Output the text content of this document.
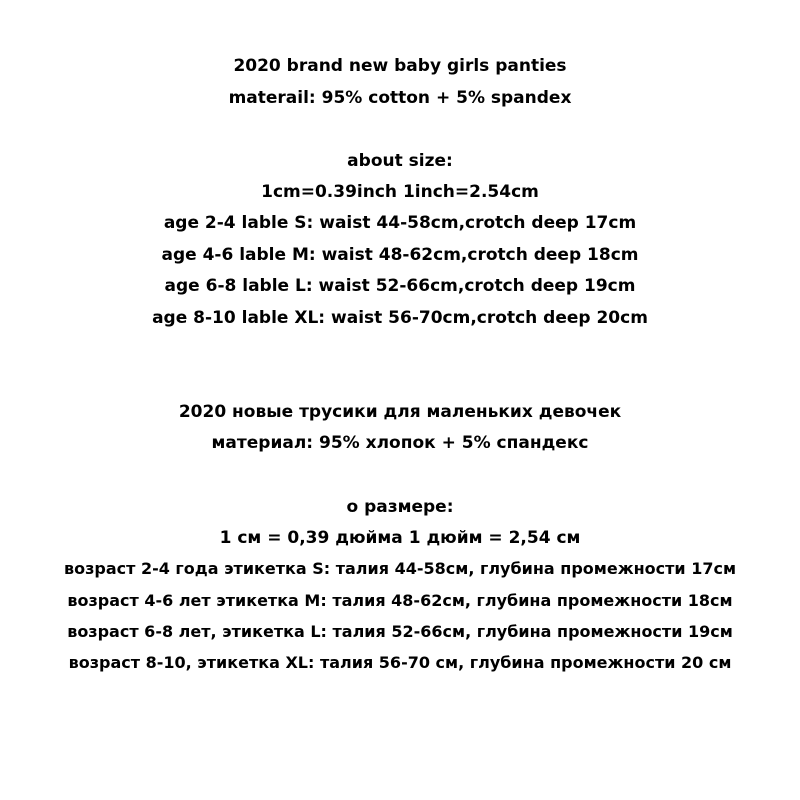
2020 brand new baby girls panties
materail: 95% cotton + 5% spandex
about size:
1cm=0.39inch 1inch=2.54cm
age 2-4 lable S: waist 44-58cm,crotch deep 17cm
age 4-6 lable M: waist 48-62cm,crotch deep 18cm
age 6-8 lable L: waist 52-66cm,crotch deep 19cm
age 8-10 lable XL: waist 56-70cm,crotch deep 20cm
2020 новые трусики для маленьких девочек
материал: 95% хлопок + 5% спандекс
о размере:
1 см = 0,39 дюйма 1 дюйм = 2,54 см
возраст 2-4 года этикетка S: талия 44-58см, глубина промежности 17см
возраст 4-6 лет этикетка M: талия 48-62см, глубина промежности 18см
возраст 6-8 лет, этикетка L: талия 52-66см, глубина промежности 19см
возраст 8-10, этикетка XL: талия 56-70 см, глубина промежности 20 см
